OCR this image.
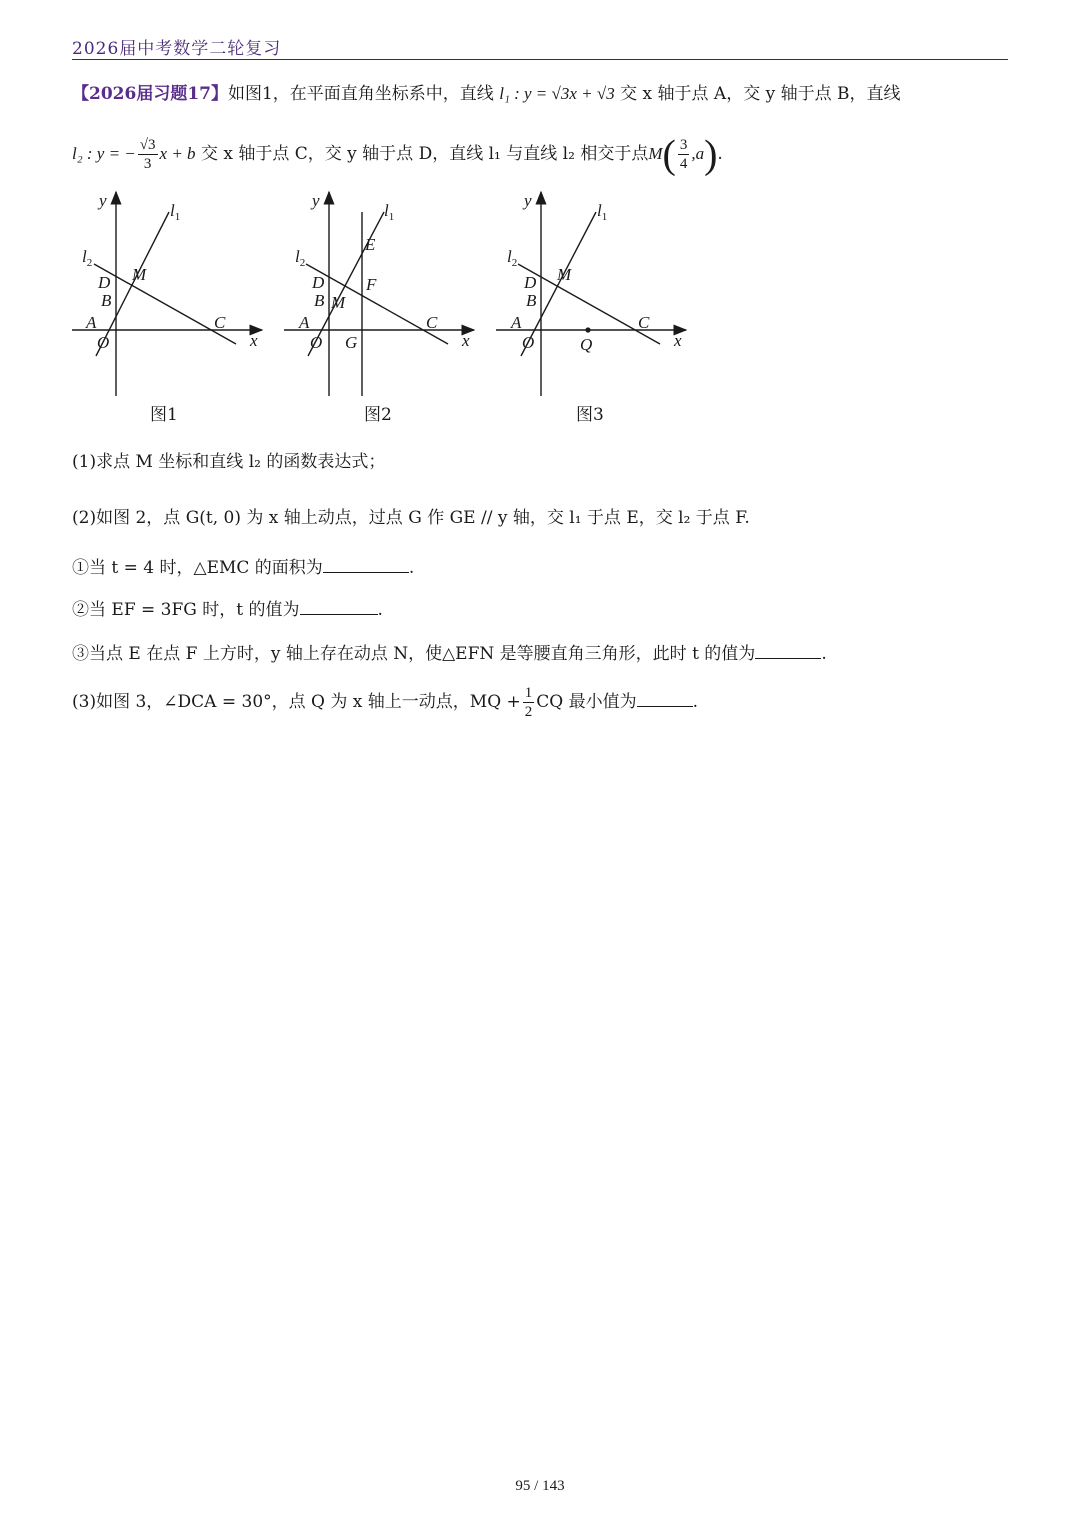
2026届中考数学二轮复习
【2026届习题17】如图1，在平面直角坐标系中，直线 l₁ : y = √3x + √3 交 x 轴于点 A，交 y 轴于点 B，直线
l₂ : y = − $\frac{√3}{3}$ x + b 交 x 轴于点 C，交 y 轴于点 D，直线 l₁ 与直线 l₂ 相交于点$M( \frac{3}{4} ,a)$.
y
x
O
$l_1$
$l_2$
M
D
B
A	C
y
x
O G
$l_1$
$l_2$
E
F
D
B M
A	C
y
x
O	Q
$l_1$
$l_2$
M
D
B
A	C
图1	图2	图3
(1)求点 M 坐标和直线 l₂ 的函数表达式；
(2)如图 2，点 G(t, 0) 为 x 轴上动点，过点 G 作 GE // y 轴，交 l₁ 于点 E，交 l₂ 于点 F.
①当 t = 4 时，△EMC 的面积为	.
②当 EF = 3FG 时，t 的值为	.
③当点 E 在点 F 上方时，y 轴上存在动点 N，使△EFN 是等腰直角三角形，此时 t 的值为	.
(3)如图 3，∠DCA = 30°，点 Q 为 x 轴上一动点，MQ + $\frac{1}{2}$ CQ 最小值为	.
95 / 143
